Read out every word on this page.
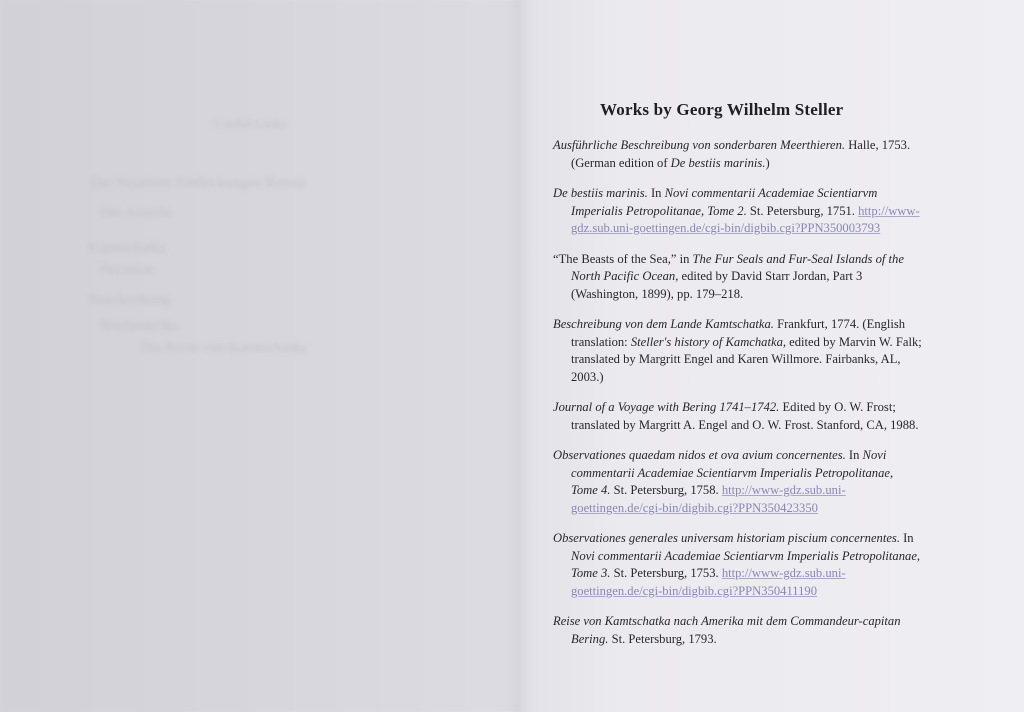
Useful Links
Der Neuesten Entdeckungen Reisen
Die Ansicht
Kamtschatka
Pecuniae
Beschreibung
Nordamerika
Die Reise von Kamtschatka
Works by Georg Wilhelm Steller
Ausführliche Beschreibung von sonderbaren Meerthieren. Halle, 1753. (German edition of De bestiis marinis.)
De bestiis marinis. In Novi commentarii Academiae Scientiarvm Imperialis Petropolitanae, Tome 2. St. Petersburg, 1751. http://www-gdz.sub.uni-goettingen.de/cgi-bin/digbib.cgi?PPN350003793
“The Beasts of the Sea,” in The Fur Seals and Fur-Seal Islands of the North Pacific Ocean, edited by David Starr Jordan, Part 3 (Washington, 1899), pp. 179–218.
Beschreibung von dem Lande Kamtschatka. Frankfurt, 1774. (English translation: Steller's history of Kamchatka, edited by Marvin W. Falk; translated by Margritt Engel and Karen Willmore. Fairbanks, AL, 2003.)
Journal of a Voyage with Bering 1741–1742. Edited by O. W. Frost; translated by Margritt A. Engel and O. W. Frost. Stanford, CA, 1988.
Observationes quaedam nidos et ova avium concernentes. In Novi commentarii Academiae Scientiarvm Imperialis Petropolitanae, Tome 4. St. Petersburg, 1758. http://www-gdz.sub.uni-goettingen.de/cgi-bin/digbib.cgi?PPN350423350
Observationes generales universam historiam piscium concernentes. In Novi commentarii Academiae Scientiarvm Imperialis Petropolitanae, Tome 3. St. Petersburg, 1753. http://www-gdz.sub.uni-goettingen.de/cgi-bin/digbib.cgi?PPN350411190
Reise von Kamtschatka nach Amerika mit dem Commandeur-capitan Bering. St. Petersburg, 1793.
